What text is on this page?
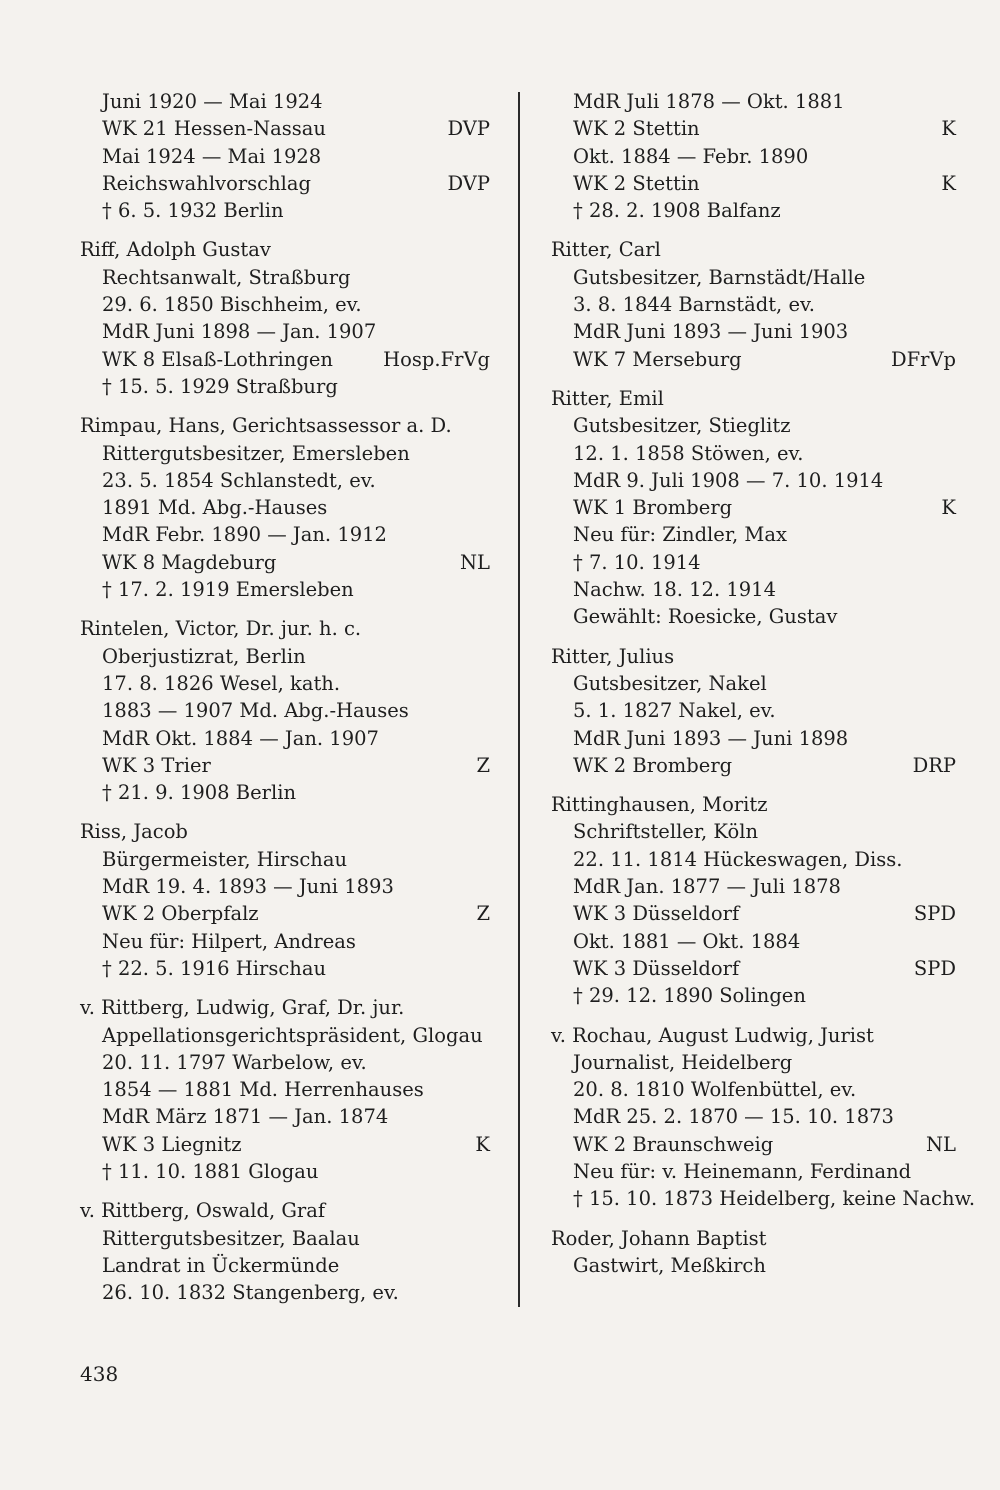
Juni 1920 — Mai 1924
WK 21 Hessen-Nassau	DVP
Mai 1924 — Mai 1928
Reichswahlvorschlag	DVP
† 6. 5. 1932 Berlin
Riff, Adolph Gustav
Rechtsanwalt, Straßburg
29. 6. 1850 Bischheim, ev.
MdR Juni 1898 — Jan. 1907
WK 8 Elsaß-Lothringen	Hosp.FrVg
† 15. 5. 1929 Straßburg
Rimpau, Hans, Gerichtsassessor a. D.
Rittergutsbesitzer, Emersleben
23. 5. 1854 Schlanstedt, ev.
1891 Md. Abg.-Hauses
MdR Febr. 1890 — Jan. 1912
WK 8 Magdeburg	NL
† 17. 2. 1919 Emersleben
Rintelen, Victor, Dr. jur. h. c.
Oberjustizrat, Berlin
17. 8. 1826 Wesel, kath.
1883 — 1907 Md. Abg.-Hauses
MdR Okt. 1884 — Jan. 1907
WK 3 Trier	Z
† 21. 9. 1908 Berlin
Riss, Jacob
Bürgermeister, Hirschau
MdR 19. 4. 1893 — Juni 1893
WK 2 Oberpfalz	Z
Neu für: Hilpert, Andreas
† 22. 5. 1916 Hirschau
v. Rittberg, Ludwig, Graf, Dr. jur.
Appellationsgerichtspräsident, Glogau
20. 11. 1797 Warbelow, ev.
1854 — 1881 Md. Herrenhauses
MdR März 1871 — Jan. 1874
WK 3 Liegnitz	K
† 11. 10. 1881 Glogau
v. Rittberg, Oswald, Graf
Rittergutsbesitzer, Baalau
Landrat in Ückermünde
26. 10. 1832 Stangenberg, ev.
MdR Juli 1878 — Okt. 1881
WK 2 Stettin	K
Okt. 1884 — Febr. 1890
WK 2 Stettin	K
† 28. 2. 1908 Balfanz
Ritter, Carl
Gutsbesitzer, Barnstädt/Halle
3. 8. 1844 Barnstädt, ev.
MdR Juni 1893 — Juni 1903
WK 7 Merseburg	DFrVp
Ritter, Emil
Gutsbesitzer, Stieglitz
12. 1. 1858 Stöwen, ev.
MdR 9. Juli 1908 — 7. 10. 1914
WK 1 Bromberg	K
Neu für: Zindler, Max
† 7. 10. 1914
Nachw. 18. 12. 1914
Gewählt: Roesicke, Gustav
Ritter, Julius
Gutsbesitzer, Nakel
5. 1. 1827 Nakel, ev.
MdR Juni 1893 — Juni 1898
WK 2 Bromberg	DRP
Rittinghausen, Moritz
Schriftsteller, Köln
22. 11. 1814 Hückeswagen, Diss.
MdR Jan. 1877 — Juli 1878
WK 3 Düsseldorf	SPD
Okt. 1881 — Okt. 1884
WK 3 Düsseldorf	SPD
† 29. 12. 1890 Solingen
v. Rochau, August Ludwig, Jurist
Journalist, Heidelberg
20. 8. 1810 Wolfenbüttel, ev.
MdR 25. 2. 1870 — 15. 10. 1873
WK 2 Braunschweig	NL
Neu für: v. Heinemann, Ferdinand
† 15. 10. 1873 Heidelberg, keine Nachw.
Roder, Johann Baptist
Gastwirt, Meßkirch
438
